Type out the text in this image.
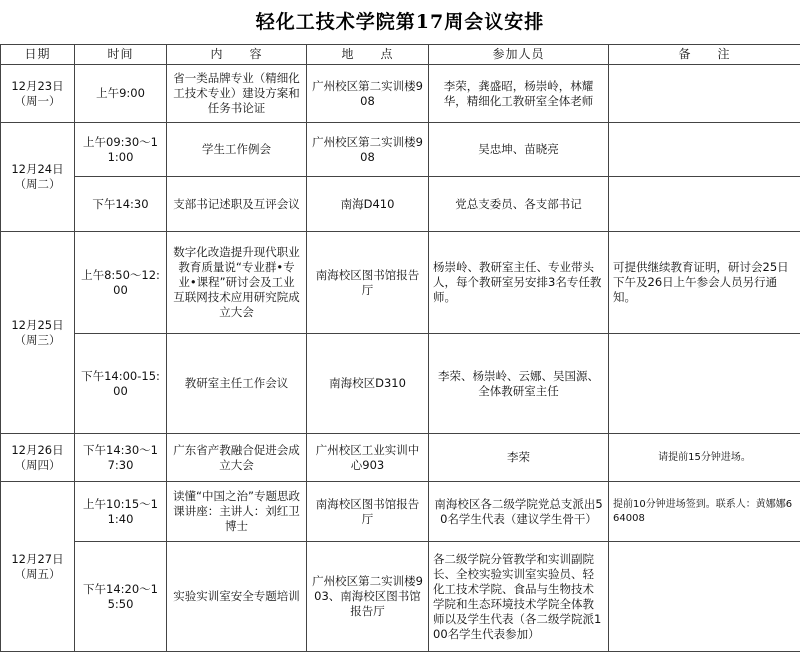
轻化工技术学院第17周会议安排
日期	时间	内　　容	地　　点	参加人员	备　　注
12月23日（周一）	上午9:00	省一类品牌专业（精细化工技术专业）建设方案和任务书论证	广州校区第二实训楼908	李荣，龚盛昭，杨崇岭，林耀华，精细化工教研室全体老师	
12月24日（周二）	上午09:30～11:00	学生工作例会	广州校区第二实训楼908	吴忠坤、苗晓亮	
	下午14:30	支部书记述职及互评会议	南海D410	党总支委员、各支部书记	
12月25日（周三）	上午8:50～12:00	数字化改造提升现代职业教育质量说“专业群•专业•课程”研讨会及工业互联网技术应用研究院成立大会	南海校区图书馆报告厅	杨崇岭、教研室主任、专业带头人，每个教研室另安排3名专任教师。	可提供继续教育证明，研讨会25日下午及26日上午参会人员另行通知。
	下午14:00-15:00	教研室主任工作会议	南海校区D310	李荣、杨崇岭、云娜、吴国源、全体教研室主任	
12月26日（周四）	下午14:30～17:30	广东省产教融合促进会成立大会	广州校区工业实训中心903	李荣	请提前15分钟进场。
12月27日（周五）	上午10:15～11:40	读懂“中国之治”专题思政课讲座：主讲人：刘红卫博士	南海校区图书馆报告厅	南海校区各二级学院党总支派出50名学生代表（建议学生骨干）	提前10分钟进场签到。联系人：黄娜娜664008
	下午14:20～15:50	实验实训室安全专题培训	广州校区第二实训楼903、南海校区图书馆报告厅	各二级学院分管教学和实训副院长、全校实验实训室实验员、轻化工技术学院、食品与生物技术学院和生态环境技术学院全体教师以及学生代表（各二级学院派100名学生代表参加）	
